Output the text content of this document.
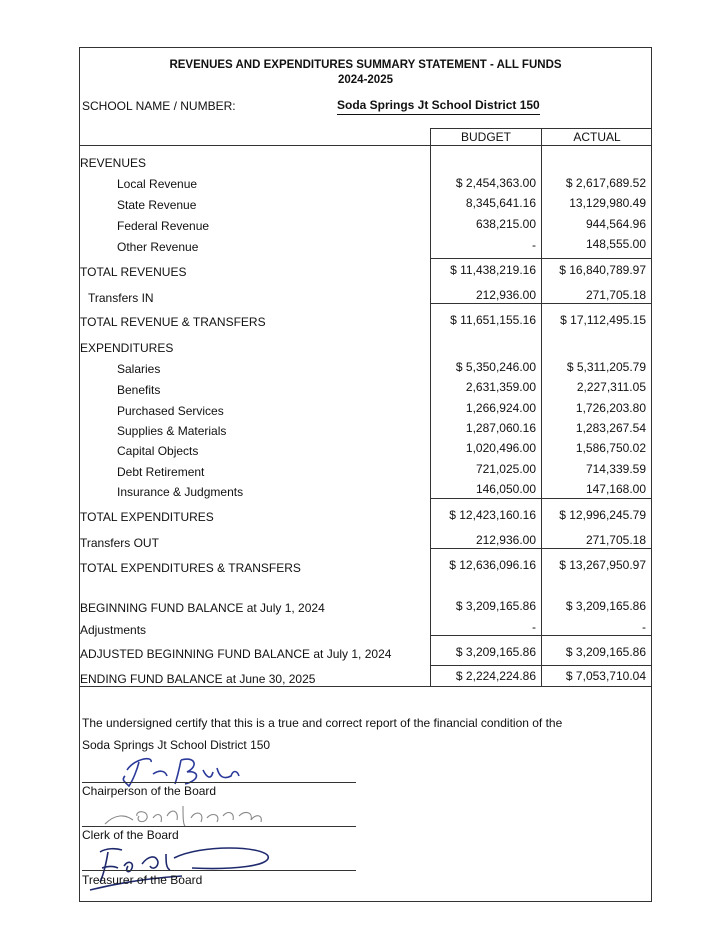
REVENUES AND EXPENDITURES SUMMARY STATEMENT - ALL FUNDS
2024-2025
SCHOOL NAME / NUMBER:	Soda Springs Jt School District 150
BUDGET	ACTUAL
REVENUES
Local Revenue	$ 2,454,363.00	$ 2,617,689.52
State Revenue	8,345,641.16	13,129,980.49
Federal Revenue	638,215.00	944,564.96
Other Revenue	-	148,555.00
TOTAL REVENUES	$ 11,438,219.16	$ 16,840,789.97
Transfers IN	212,936.00	271,705.18
TOTAL REVENUE & TRANSFERS	$ 11,651,155.16	$ 17,112,495.15
EXPENDITURES
Salaries	$ 5,350,246.00	$ 5,311,205.79
Benefits	2,631,359.00	2,227,311.05
Purchased Services	1,266,924.00	1,726,203.80
Supplies & Materials	1,287,060.16	1,283,267.54
Capital Objects	1,020,496.00	1,586,750.02
Debt Retirement	721,025.00	714,339.59
Insurance & Judgments	146,050.00	147,168.00
TOTAL EXPENDITURES	$ 12,423,160.16	$ 12,996,245.79
Transfers OUT	212,936.00	271,705.18
TOTAL EXPENDITURES & TRANSFERS	$ 12,636,096.16	$ 13,267,950.97
BEGINNING FUND BALANCE at July 1, 2024	$ 3,209,165.86	$ 3,209,165.86
Adjustments	-	-
ADJUSTED BEGINNING FUND BALANCE at July 1, 2024	$ 3,209,165.86	$ 3,209,165.86
ENDING FUND BALANCE at June 30, 2025	$ 2,224,224.86	$ 7,053,710.04
The undersigned certify that this is a true and correct report of the financial condition of the
Soda Springs Jt School District 150
Chairperson of the Board
Clerk of the Board
Treasurer of the Board
